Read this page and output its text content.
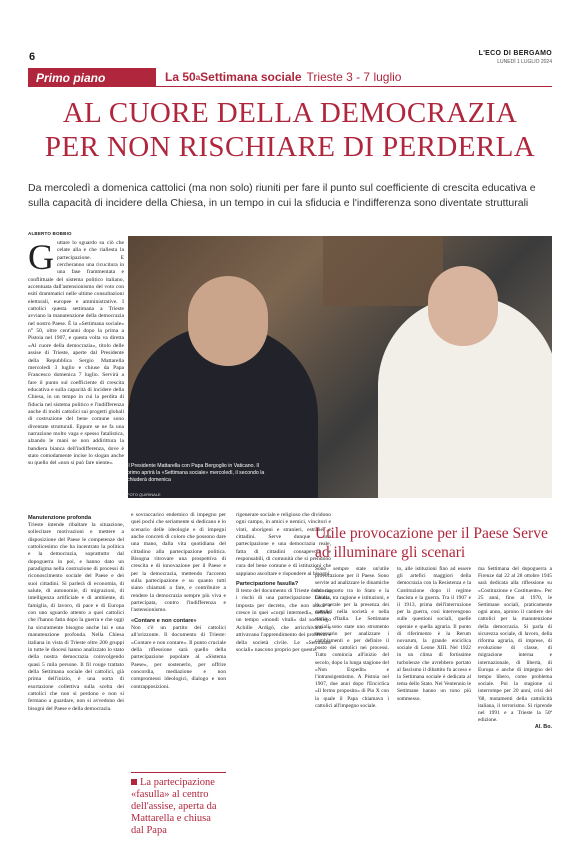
6	L'ECO DI BERGAMO
LUNEDÌ 1 LUGLIO 2024
Primo piano	La 50 a Settimana sociale Trieste 3 - 7 luglio
AL CUORE DELLA DEMOCRAZIA
PER NON RISCHIARE DI PERDERLA

Da mercoledì a domenica cattolici (ma non solo) riuniti per fare il punto sul coefficiente di crescita educativa e sulla capacità di incidere della Chiesa, in un tempo in cui la sfiducia e l'indifferenza sono diventate strutturali

ALBERTO BOBBIO
G uttare lo sguardo su ciò che celate alla e che riallesta la partecipazione. E cercheranno una ricucitura in una fase frammentata e conflittuale del sistema politico italiano, accentuata dall'astensionismo del voto con esiti drammatici nelle ultime consultazioni elettorali, europee e amministrative. I cattolici questa settimana a Trieste avviano la manutenzione della democrazia nel nostro Paese. È la «Settimana sociale» n° 50, oltre cent'anni dopo la prima a Pistoia nel 1907, e questa volta va diretta «Al cuore della democrazia», titolo delle assise di Trieste, aperte dal Presidente della Repubblica Sergio Mattarella mercoledì 3 luglio e chiuse da Papa Francesco domenica 7 luglio. Servirà a fare il punto sul coefficiente di crescita educativa e sulla capacità di incidere della Chiesa, in un tempo in cui la perdita di fiducia nel sistema politico e l'indifferenza anche di molti cattolici sui progetti globali di costruzione del bene comune sono diventate strutturali. Eppure se ne fa una narrazione molto vaga e spesso fatalistica, alzando le mani se non addirittura la bandiera bianca dell'indifferenza, dove è stato comodamente incise lo slogan anche su quello del «non si può fare niente».	Il Presidente Mattarella con Papa Bergoglio in Vaticano. Il primo aprirà la «Settimana sociale» mercoledì, il secondo la chiuderà domenica
FOTO QUIRINALE
Manutenzione profonda

Trieste intende ribaltare la situazione, sollecitare motivazioni e mettere a disposizione del Paese le competenze del cattolicesimo che ha incentrato la politica e la democrazia, soprattutto dal dopoguerra in poi, e hanno dato un paradigma nella costruzione di processi di riconoscimento sociale del Paese e dei suoi cittadini. Si parlerà di economia, di salute, di autonomie, di migrazioni, di intelligenza artificiale e di ambiente, di famiglia, di lavoro, di pace e di Europa con uno sguardo attento a quei cattolici che l'hanno fatta dopo la guerra e che oggi ha sicuramente bisogno anche lui e una manutenzione profonda. Nella Chiesa italiana in vista di Trieste oltre 200 gruppi in tutte le diocesi hanno analizzato lo stato della nostra democrazia coinvolgendo quasi 5 mila persone. Il fil rouge trattato della Settimana sociale del cattolici, già prima dell'inizio, è una sorta di esortazione collettiva sulla scelta dei cattolici che non si perdono e non si fermano a guardare, non si avvedono dei bisogni del Paese e della democrazia.

e sovraccarico endemico di impegno per quei pochi che seriamente si dedicano e lo scenario delle ideologie e di impegni anche concreti di coloro che possono dare una mano, dalla vita quotidiana del cittadino alla partecipazione politica. Bisogna ritrovare una prospettiva di crescita e di innovazione per il Paese e per la democrazia, mettendo l'accento sulla partecipazione e su quanto tutti siano chiamati a fare, e contribuire a rendere la democrazia sempre più viva e partecipata, contro l'indifferenza e l'astensionismo.

«Contare e non contare»

Non c'è un partito dei cattolici all'orizzonte. Il documento di Trieste: «Contare e non contare». Il punto cruciale della riflessione sarà quello della partecipazione popolare al «Sistema Paese», per sostenerlo, per offrire concordia, mediazione e non compromessi ideologici, dialogo e non contrapposizioni.

La partecipazione «fasulla» al centro dell'assise, aperta da Mattarella e chiusa dal Papa

rigenerare sociale e religioso che dividono ogni campo, in amici e nemici, vincitori e vinti, aborigeni e stranieri, estranei e cittadini. Serve dunque una partecipazione e una democrazia reale, fatta di cittadini consapevoli e responsabili, di comunità che si prendono cura del bene comune e di istituzioni che sappiano ascoltare e rispondere ai bisogni.

Partecipazione fasulla?

Il testo del documento di Trieste denuncia i rischi di una partecipazione fasulla, imposta per decreto, che non nasce e cresce in quei «corpi intermedi», definiti un tempo «mondi vitali» dal sociologo Achille Ardigò, che arricchivano e attivavano l'apprendimento dei problemi e della società civile. Le «Settimane sociali» nascono proprio per questo.

Utile provocazione per il Paese Serve ad illuminare gli scenari

Sono sempre state un'utile provocazione per il Paese. Sono servite ad analizzare le dinamiche del rapporto tra lo Stato e la Chiesa, tra ragione e istituzioni, e in generale per la presenza dei cattolici nella società e nella storia d'Italia. Le Settimane sociali sono state uno strumento necessario per analizzare i cambiamenti e per definire il posto dei cattolici nei processi. Tutto comincia all'inizio del secolo, dopo la lunga stagione del «Non Expedit» e l'intransigentismo. A Pistoia nel 1907, due anni dopo l'Enciclica «Il fermo proposito» di Pio X con la quale il Papa chiamava i cattolici all'impegno sociale.

to, alle istituzioni fino ad essere gli artefici maggiori della democrazia con la Resistenza e la Costituzione dopo il regime fascista e la guerra. Tra il 1907 e il 1913, prima dell'interruzione per la guerra, così intervengono sulle questioni sociali, quelle operaie e quella agraria. Il punto di riferimento è la Rerum novarum, la grande enciclica sociale di Leone XIII. Nel 1922 in un clima di fortissime turbolenze che avrebbero portato al fascismo il dibattito fu acceso e la Settimana sociale è dedicata al tema dello Stato. Nel Ventennio le Settimane hanno un tono più sommesso.

ma Settimana del dopoguerra a Firenze dal 22 al 28 ottobre 1945 sarà dedicata alla riflessione su «Costituzione e Costituente». Per 25 anni, fino al 1970, le Settimane sociali, praticamente ogni anno, aprono il cantiere dei cattolici per la manutenzione della democrazia. Si parla di sicurezza sociale, di lavoro, della riforma agraria, di imprese, di evoluzione di classe, di migrazione interna e internazionale, di libertà, di Europa e anche di impegno del tempo libero, come problema sociale. Poi la stagione si interrompe per 20 anni, crisi del '68, mutamenti della cattolicità italiana, il terrorismo. Si riprende nel 1991 e a Trieste la 50ª edizione.

Al. Bo.
